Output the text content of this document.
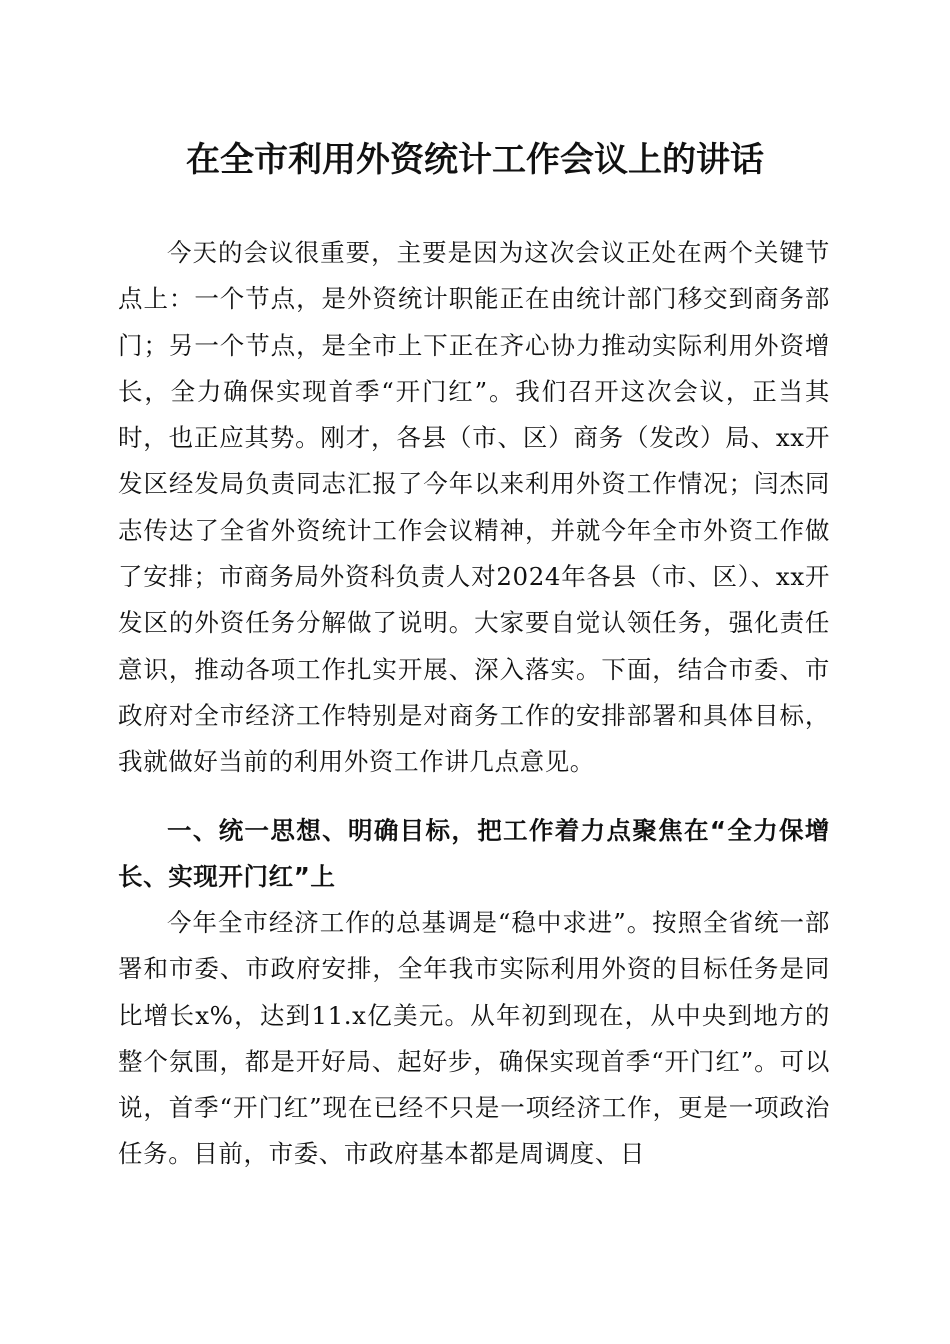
在全市利用外资统计工作会议上的讲话

今天的会议很重要，主要是因为这次会议正处在两个关键节点上：一个节点，是外资统计职能正在由统计部门移交到商务部门；另一个节点，是全市上下正在齐心协力推动实际利用外资增长，全力确保实现首季“开门红”。我们召开这次会议，正当其时，也正应其势。刚才，各县（市、区）商务（发改）局、xx开发区经发局负责同志汇报了今年以来利用外资工作情况；闫杰同志传达了全省外资统计工作会议精神，并就今年全市外资工作做了安排；市商务局外资科负责人对2024年各县（市、区）、xx开发区的外资任务分解做了说明。大家要自觉认领任务，强化责任意识，推动各项工作扎实开展、深入落实。下面，结合市委、市政府对全市经济工作特别是对商务工作的安排部署和具体目标，我就做好当前的利用外资工作讲几点意见。

一、统一思想、明确目标，把工作着力点聚焦在“全力保增长、实现开门红”上

今年全市经济工作的总基调是“稳中求进”。按照全省统一部署和市委、市政府安排，全年我市实际利用外资的目标任务是同比增长x%，达到11.x亿美元。从年初到现在，从中央到地方的整个氛围，都是开好局、起好步，确保实现首季“开门红”。可以说，首季“开门红”现在已经不只是一项经济工作，更是一项政治任务。目前，市委、市政府基本都是周调度、日
